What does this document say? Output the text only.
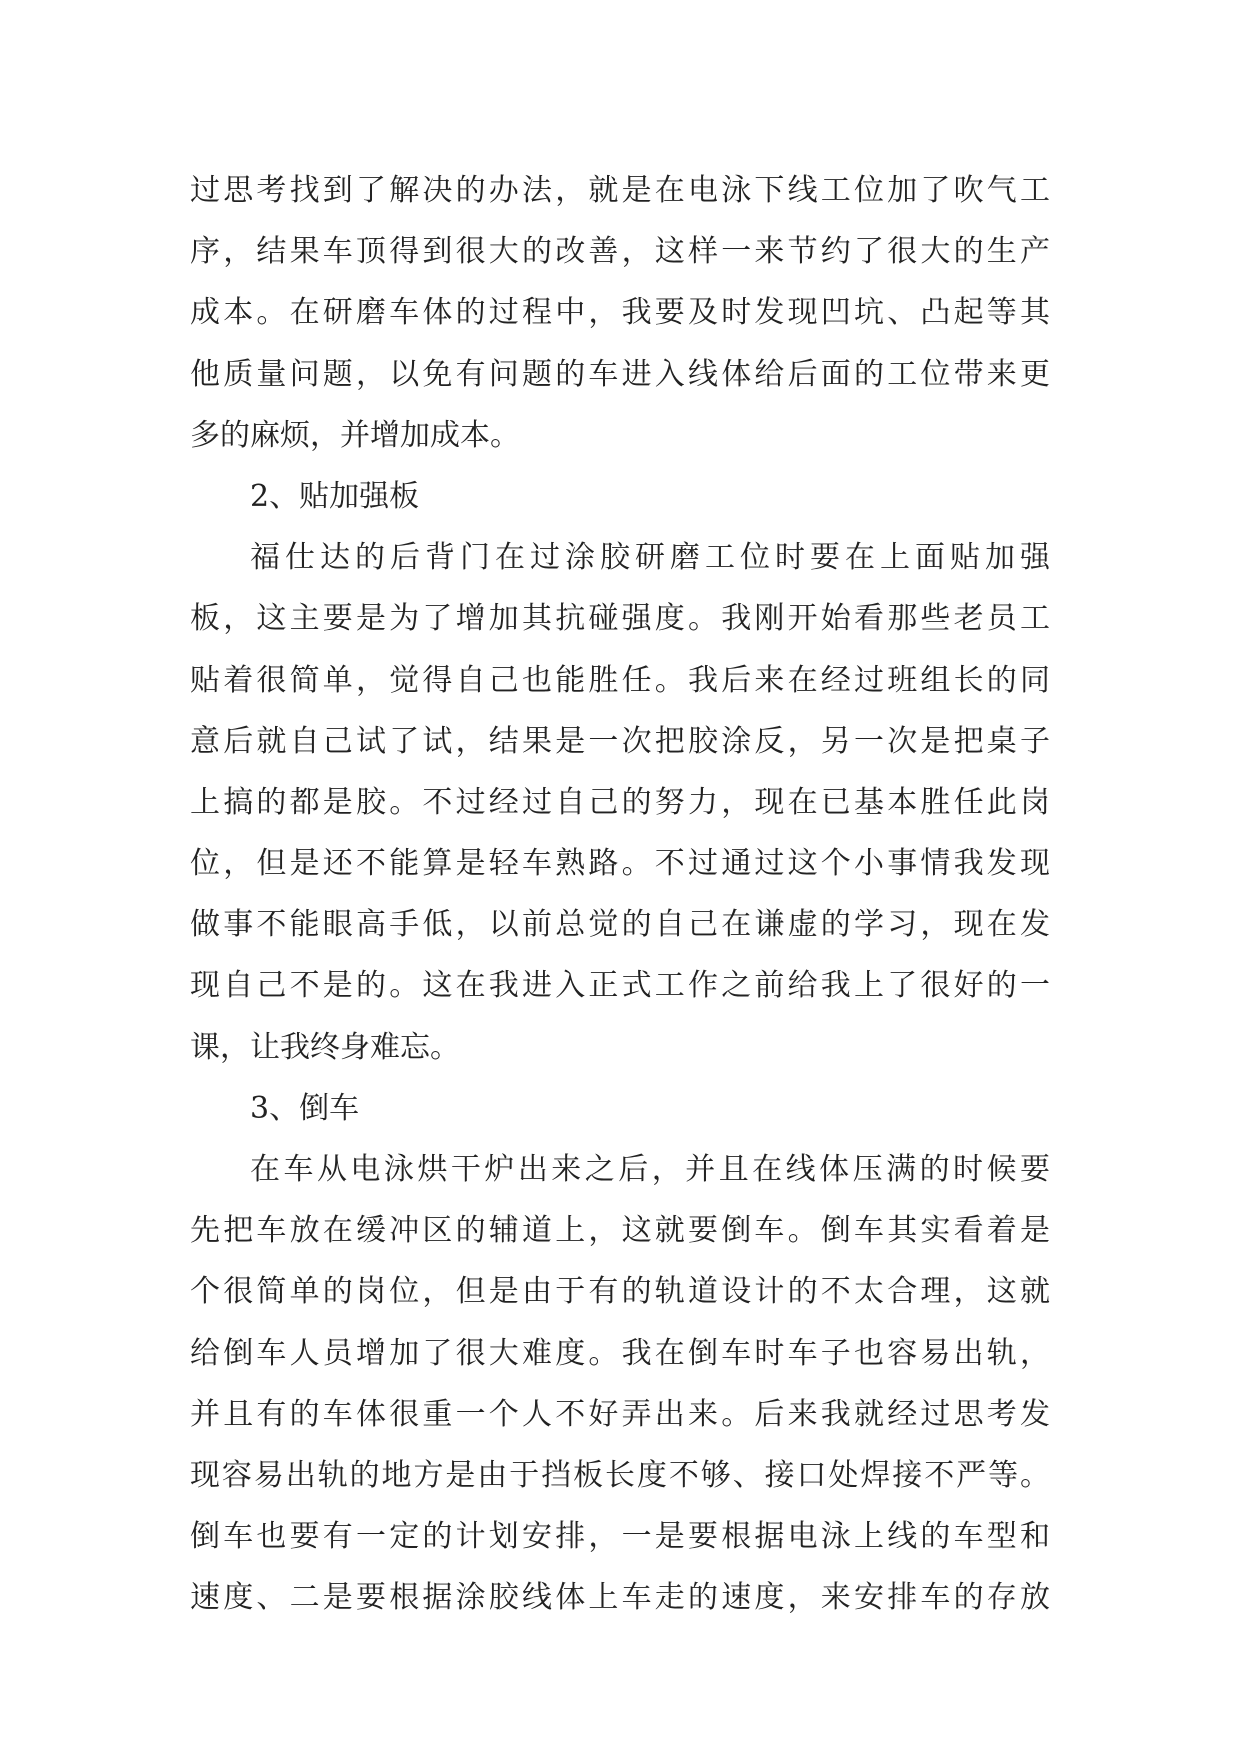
过思考找到了解决的办法，就是在电泳下线工位加了吹气工
序，结果车顶得到很大的改善，这样一来节约了很大的生产
成本。在研磨车体的过程中，我要及时发现凹坑、凸起等其
他质量问题，以免有问题的车进入线体给后面的工位带来更
多的麻烦，并增加成本。
2、贴加强板
福仕达的后背门在过涂胶研磨工位时要在上面贴加强
板，这主要是为了增加其抗碰强度。我刚开始看那些老员工
贴着很简单，觉得自己也能胜任。我后来在经过班组长的同
意后就自己试了试，结果是一次把胶涂反，另一次是把桌子
上搞的都是胶。不过经过自己的努力，现在已基本胜任此岗
位，但是还不能算是轻车熟路。不过通过这个小事情我发现
做事不能眼高手低，以前总觉的自己在谦虚的学习，现在发
现自己不是的。这在我进入正式工作之前给我上了很好的一
课，让我终身难忘。
3、倒车
在车从电泳烘干炉出来之后，并且在线体压满的时候要
先把车放在缓冲区的辅道上，这就要倒车。倒车其实看着是
个很简单的岗位，但是由于有的轨道设计的不太合理，这就
给倒车人员增加了很大难度。我在倒车时车子也容易出轨，
并且有的车体很重一个人不好弄出来。后来我就经过思考发
现容易出轨的地方是由于挡板长度不够、接口处焊接不严等。
倒车也要有一定的计划安排，一是要根据电泳上线的车型和
速度、二是要根据涂胶线体上车走的速度，来安排车的存放
